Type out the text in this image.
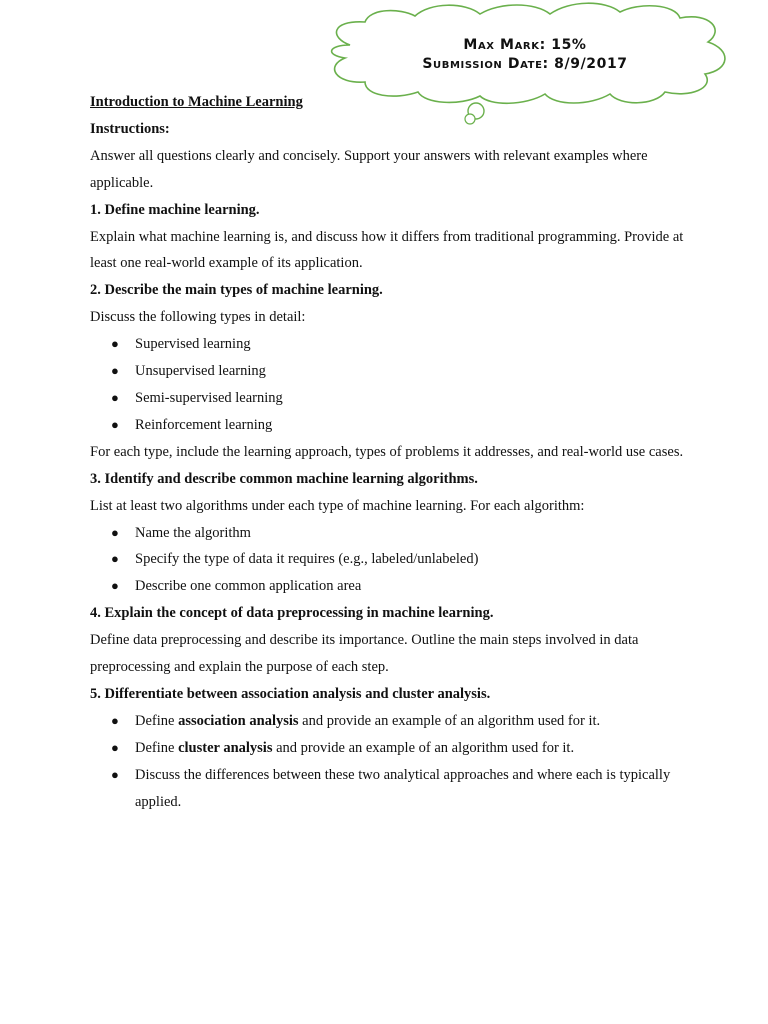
Max Mark: 15%
Submission Date: 8/9/2017

Introduction to Machine Learning

Instructions:

Answer all questions clearly and concisely. Support your answers with relevant examples where applicable.

1. Define machine learning.

Explain what machine learning is, and discuss how it differs from traditional programming. Provide at least one real-world example of its application.

2. Describe the main types of machine learning.

Discuss the following types in detail:

● Supervised learning
● Unsupervised learning
● Semi-supervised learning
● Reinforcement learning

For each type, include the learning approach, types of problems it addresses, and real-world use cases.

3. Identify and describe common machine learning algorithms.

List at least two algorithms under each type of machine learning. For each algorithm:

● Name the algorithm
● Specify the type of data it requires (e.g., labeled/unlabeled)
● Describe one common application area

4. Explain the concept of data preprocessing in machine learning.

Define data preprocessing and describe its importance. Outline the main steps involved in data preprocessing and explain the purpose of each step.

5. Differentiate between association analysis and cluster analysis.

● Define association analysis and provide an example of an algorithm used for it.
● Define cluster analysis and provide an example of an algorithm used for it.
● Discuss the differences between these two analytical approaches and where each is typically applied.
